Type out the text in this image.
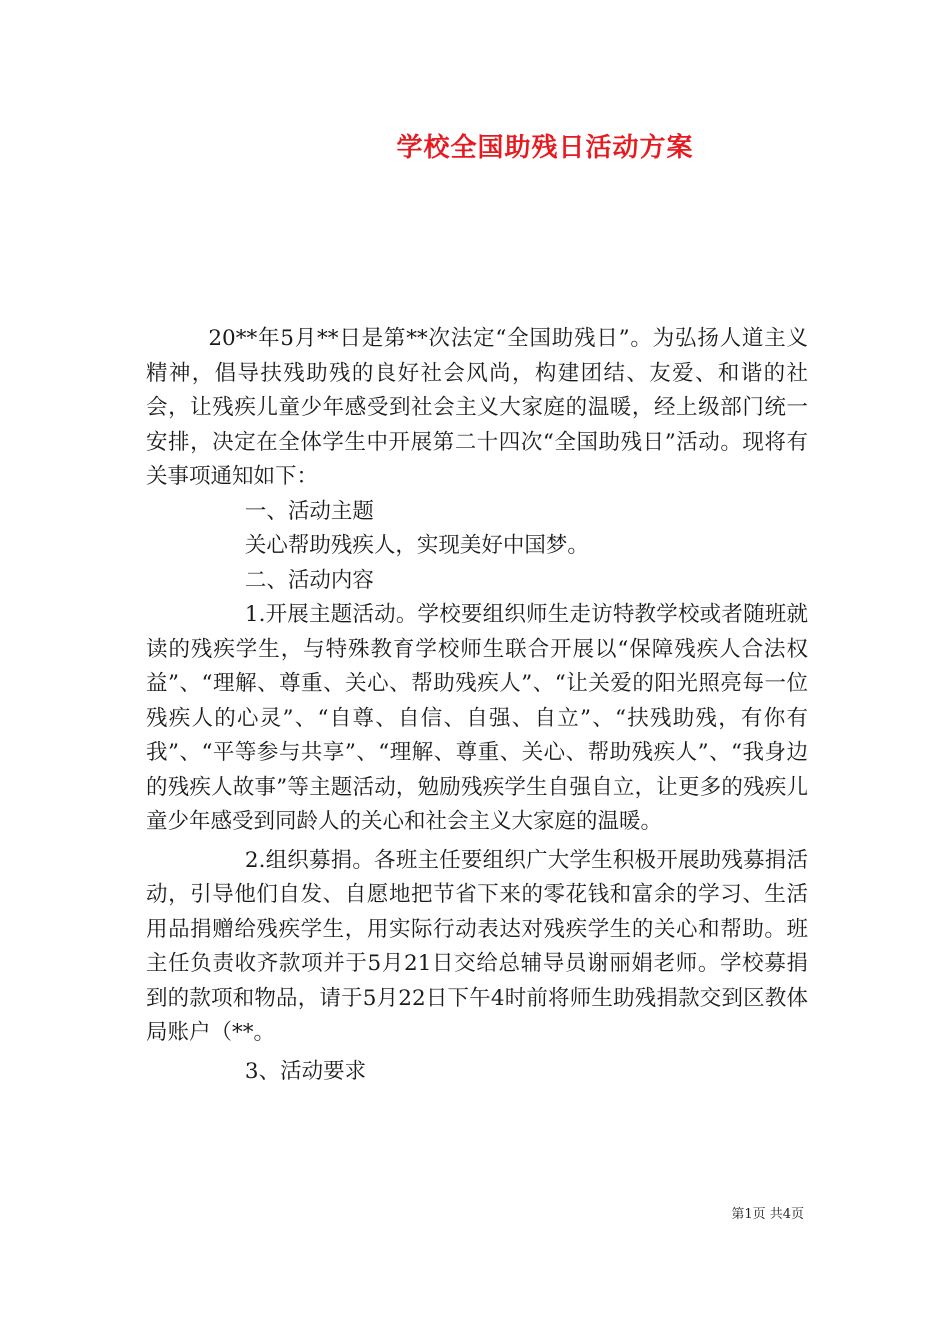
学校全国助残日活动方案

20**年5月**日是第**次法定“全国助残日”。为弘扬人道主义精神，倡导扶残助残的良好社会风尚，构建团结、友爱、和谐的社会，让残疾儿童少年感受到社会主义大家庭的温暖，经上级部门统一安排，决定在全体学生中开展第二十四次“全国助残日”活动。现将有关事项通知如下：

一、活动主题

关心帮助残疾人，实现美好中国梦。

二、活动内容

1.开展主题活动。学校要组织师生走访特教学校或者随班就读的残疾学生，与特殊教育学校师生联合开展以“保障残疾人合法权益”、“理解、尊重、关心、帮助残疾人”、“让关爱的阳光照亮每一位残疾人的心灵”、“自尊、自信、自强、自立”、“扶残助残，有你有我”、“平等参与共享”、“理解、尊重、关心、帮助残疾人”、“我身边的残疾人故事”等主题活动，勉励残疾学生自强自立，让更多的残疾儿童少年感受到同龄人的关心和社会主义大家庭的温暖。

2.组织募捐。各班主任要组织广大学生积极开展助残募捐活动，引导他们自发、自愿地把节省下来的零花钱和富余的学习、生活用品捐赠给残疾学生，用实际行动表达对残疾学生的关心和帮助。班主任负责收齐款项并于5月21日交给总辅导员谢丽娟老师。学校募捐到的款项和物品，请于5月22日下午4时前将师生助残捐款交到区教体局账户（**。

3、活动要求

第1页 共4页
